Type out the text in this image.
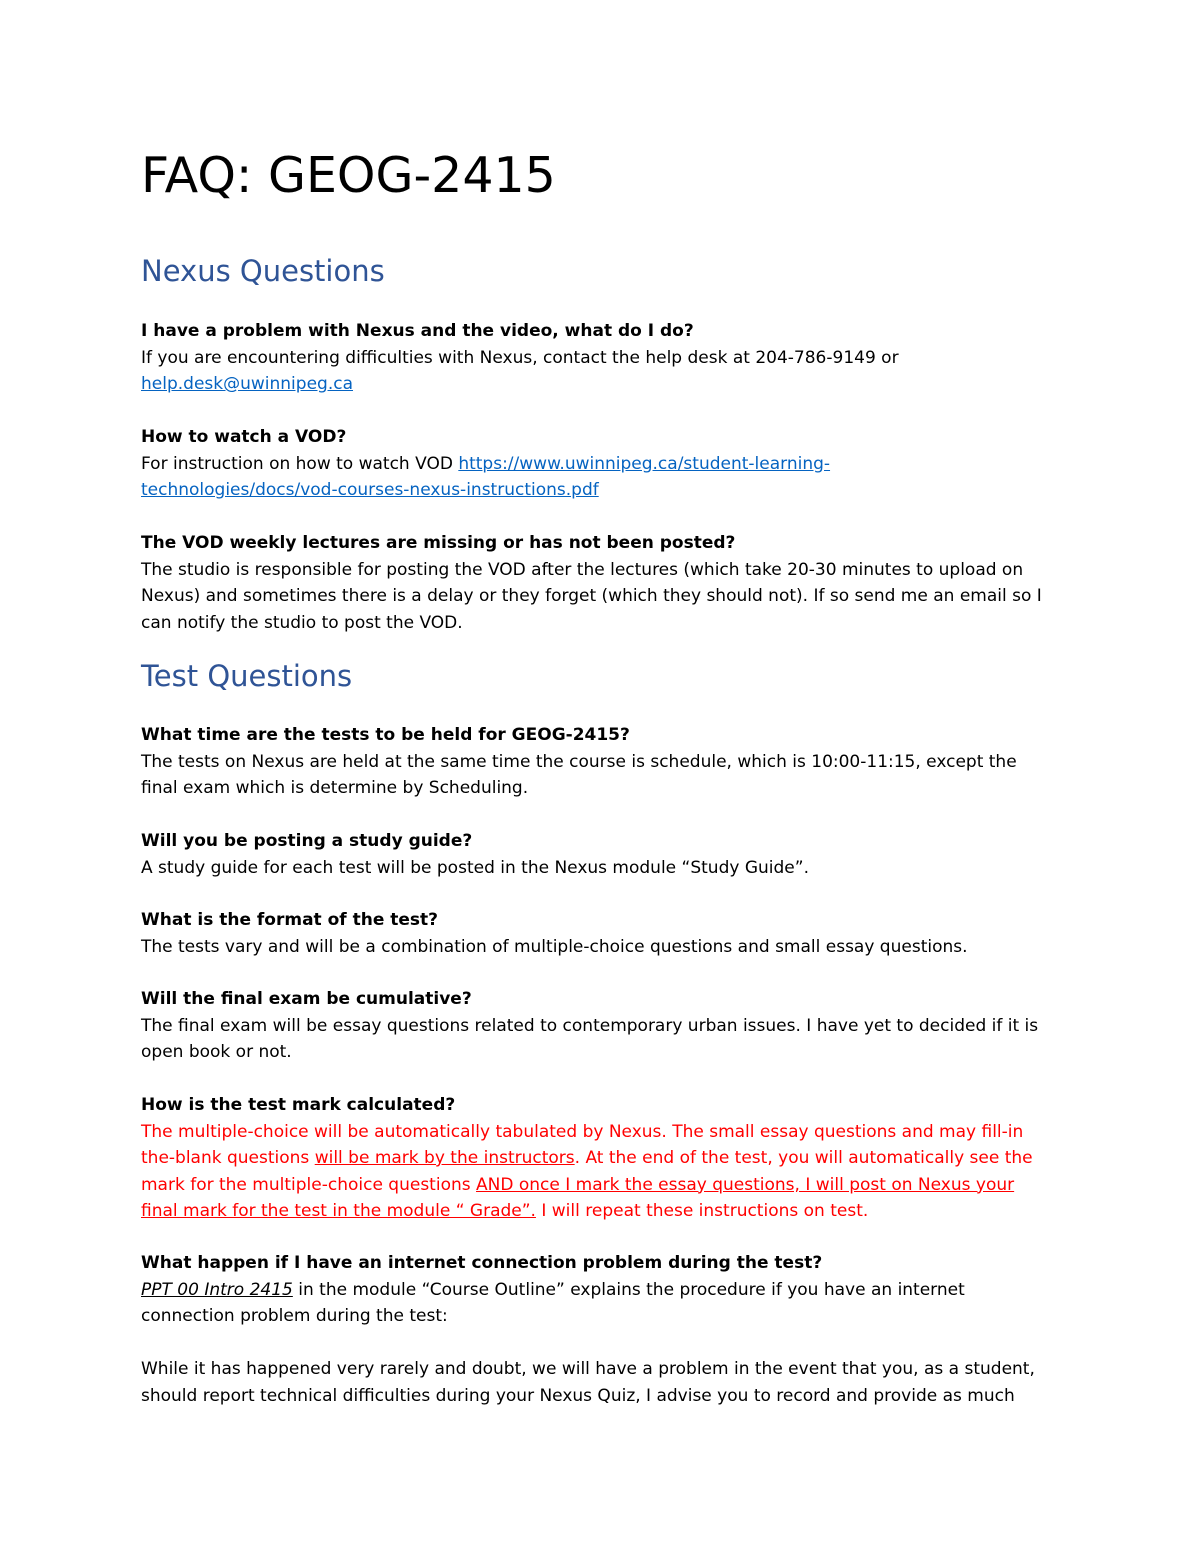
FAQ: GEOG-2415
Nexus Questions
I have a problem with Nexus and the video, what do I do?
If you are encountering difficulties with Nexus, contact the help desk at 204-786-9149 or
help.desk@uwinnipeg.ca
How to watch a VOD?
For instruction on how to watch VOD https://www.uwinnipeg.ca/student-learning-
technologies/docs/vod-courses-nexus-instructions.pdf
The VOD weekly lectures are missing or has not been posted?
The studio is responsible for posting the VOD after the lectures (which take 20-30 minutes to upload on
Nexus) and sometimes there is a delay or they forget (which they should not). If so send me an email so I
can notify the studio to post the VOD.
Test Questions
What time are the tests to be held for GEOG-2415?
The tests on Nexus are held at the same time the course is schedule, which is 10:00-11:15, except the
final exam which is determine by Scheduling.
Will you be posting a study guide?
A study guide for each test will be posted in the Nexus module “Study Guide”.
What is the format of the test?
The tests vary and will be a combination of multiple-choice questions and small essay questions.
Will the final exam be cumulative?
The final exam will be essay questions related to contemporary urban issues. I have yet to decided if it is
open book or not.
How is the test mark calculated?
The multiple-choice will be automatically tabulated by Nexus. The small essay questions and may fill-in
the-blank questions will be mark by the instructors. At the end of the test, you will automatically see the
mark for the multiple-choice questions AND once I mark the essay questions, I will post on Nexus your
final mark for the test in the module “ Grade”. I will repeat these instructions on test.
What happen if I have an internet connection problem during the test?
PPT 00 Intro 2415 in the module “Course Outline” explains the procedure if you have an internet
connection problem during the test:
While it has happened very rarely and doubt, we will have a problem in the event that you, as a student,
should report technical difficulties during your Nexus Quiz, I advise you to record and provide as much
